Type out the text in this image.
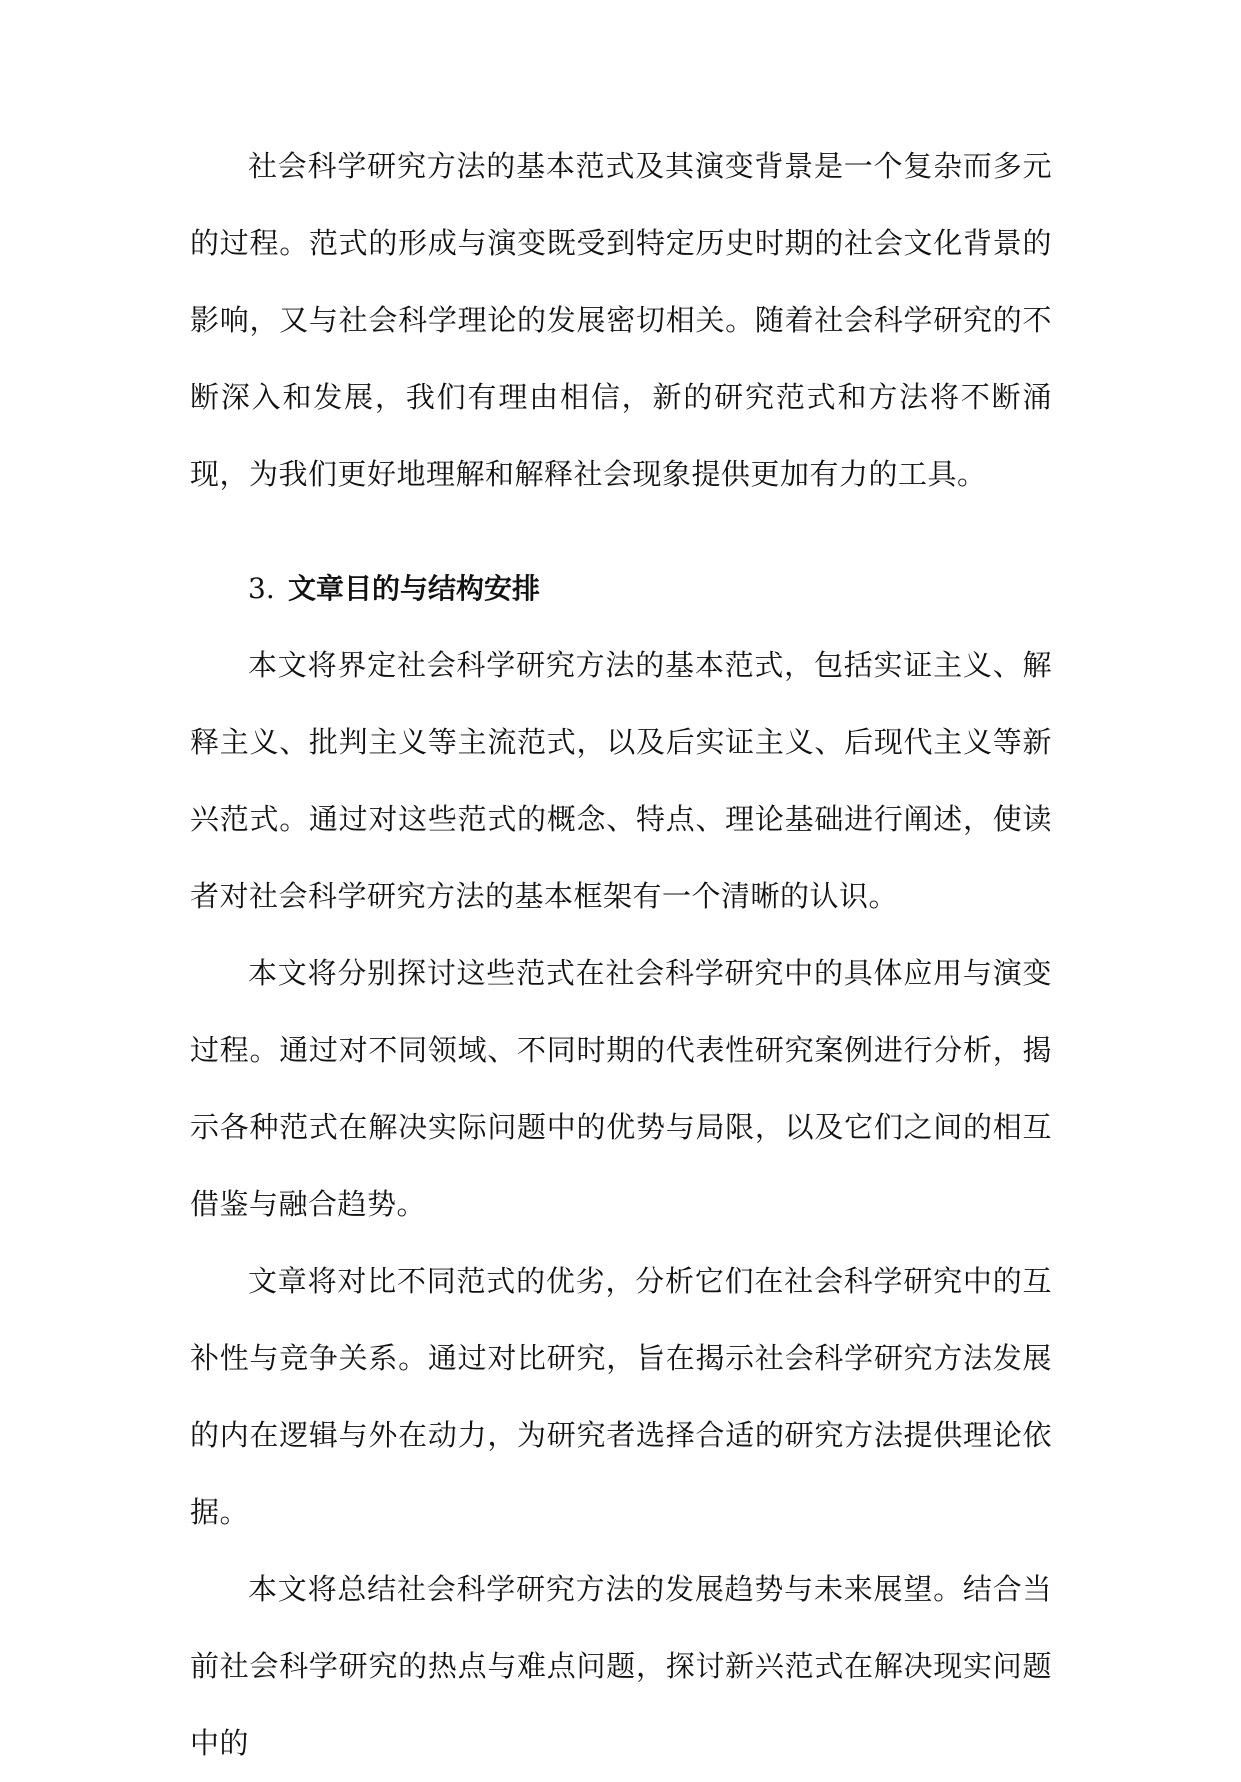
社会科学研究方法的基本范式及其演变背景是一个复杂而多元的过程。范式的形成与演变既受到特定历史时期的社会文化背景的影响，又与社会科学理论的发展密切相关。随着社会科学研究的不断深入和发展，我们有理由相信，新的研究范式和方法将不断涌现，为我们更好地理解和解释社会现象提供更加有力的工具。

3. 文章目的与结构安排

本文将界定社会科学研究方法的基本范式，包括实证主义、解释主义、批判主义等主流范式，以及后实证主义、后现代主义等新兴范式。通过对这些范式的概念、特点、理论基础进行阐述，使读者对社会科学研究方法的基本框架有一个清晰的认识。

本文将分别探讨这些范式在社会科学研究中的具体应用与演变过程。通过对不同领域、不同时期的代表性研究案例进行分析，揭示各种范式在解决实际问题中的优势与局限，以及它们之间的相互借鉴与融合趋势。

文章将对比不同范式的优劣，分析它们在社会科学研究中的互补性与竞争关系。通过对比研究，旨在揭示社会科学研究方法发展的内在逻辑与外在动力，为研究者选择合适的研究方法提供理论依据。

本文将总结社会科学研究方法的发展趋势与未来展望。结合当前社会科学研究的热点与难点问题，探讨新兴范式在解决现实问题中的
